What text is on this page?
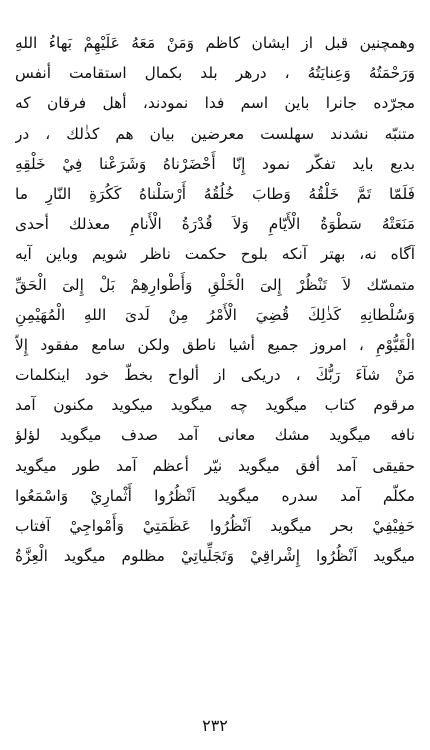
وهمچنين قبل از ايشان كاظم وَمَنْ مَعَهُ عَلَيْهِمْ بَهاءُ اللهِ
وَرَحْمَتُهُ وَعِنايَتُهُ ، درهر بلد بكمال استقامت أنفس
مجرّده جانرا باين اسم فدا نمودند، أهل فرقان كه
متنبّه نشدند سهلست معرضين بيان هم كذٰلك ، در
بديع بايد تفكّر نمود إِنّا أَحْضَرْناهُ وَشَرَعْنا فِيْ خَلْقِهِ
فَلَمّا تَمَّ خَلْقُهُ وَطابَ خُلُقُهُ أَرْسَلْناهُ كَكُرَةِ النّارِ ما
مَنَعَتْهُ سَطْوَةُ الْأَيّامِ وَلاَ قُدْرَةُ الْأَنامِ معذلك أحدى
آگاه نه، بهتر آنكه بلوح حكمت ناظر شويم وباين آيه
متمسّك لاَ تَنْظُرْ إِلىَ الْخَلْقِ وَأَطْوارِهِمْ بَلْ إِلىَ الْحَقِّ
وَسُلْطانِهِ كَذٰلِكَ قُضِيَ الْأَمْرُ مِنْ لَدىَ اللهِ الْمُهَيْمِنِ
الْقَيُّوْمِ ، امروز جميع أشيا ناطق ولكن سامع مفقود إِلاّ
مَنْ شآءَ رَبُّكَ ، دريكى از ألواح بخطّ خود اينكلمات
مرقوم كتاب ميگويد چه ميگويد ميكويد مكنون آمد
نافه ميگويد مشك معانى آمد صدف ميگويد لؤلؤ
حقيقى آمد أفق ميگويد نيّر أعظم آمد طور ميگويد
مكلّم آمد سدره ميگويد اَنْظُرُوا أَثْمارِيْ وَاسْمَعُوا
حَفِيْفِيْ بحر ميگويد اَنْظُرُوا عَظَمَتِيْ وَأَمْواجِيْ آفتاب
ميگويد اَنْظُرُوا إِشْراقِيْ وَتَجَلِّياتِيْ مظلوم ميگويد الْعِزَّةُ
۲۳۲
